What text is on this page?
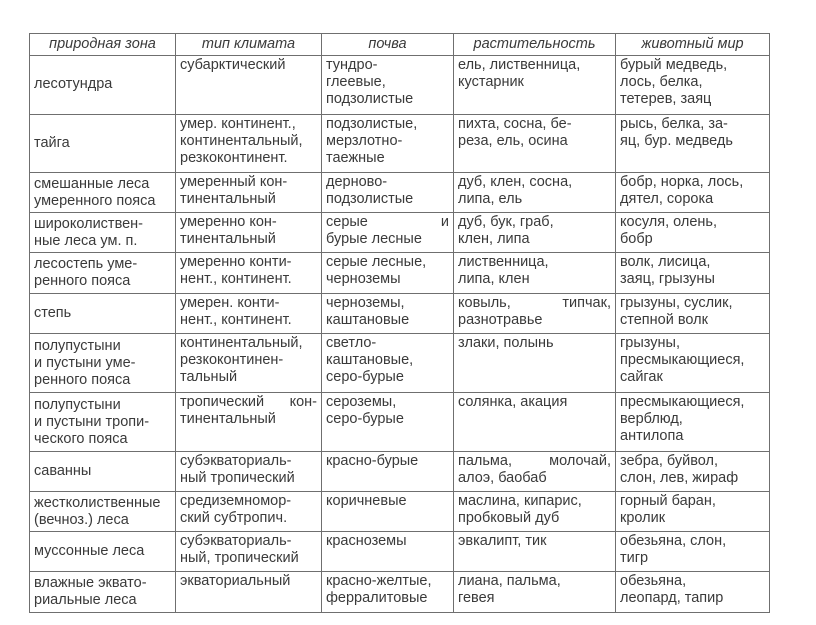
природная зона	тип климата	почва	растительность	животный мир

лесотундра	субарктический	тундро-
глеевые,
подзолистые	ель, лиственница,
кустарник	бурый медведь,
лось, белка,
тетерев, заяц

тайга	умер. континент.,
континентальный,
резкоконтинент.	подзолистые,
мерзлотно-
таежные	пихта, сосна, бе-
реза, ель, осина	рысь, белка, за-
яц, бур. медведь

смешанные леса
умеренного пояса	умеренный кон-
тинентальный	дерново-
подзолистые	дуб, клен, сосна,
липа, ель	бобр, норка, лось,
дятел, сорока

широколиствен-
ные леса ум. п.	умеренно кон-
тинентальный	серые и
бурые лесные	дуб, бук, граб,
клен, липа	косуля, олень,
бобр

лесостепь уме-
ренного пояса	умеренно конти-
нент., континент.	серые лесные,
черноземы	лиственница,
липа, клен	волк, лисица,
заяц, грызуны

степь	умерен. конти-
нент., континент.	черноземы,
каштановые	ковыль, типчак,
разнотравье	грызуны, суслик,
степной волк

полупустыни
и пустыни уме-
ренного пояса	континентальный,
резкоконтинен-
тальный	светло-
каштановые,
серо-бурые	злаки, полынь	грызуны,
пресмыкающиеся,
сайгак

полупустыни
и пустыни тропи-
ческого пояса	тропический кон-
тинентальный	сероземы,
серо-бурые	солянка, акация	пресмыкающиеся,
верблюд,
антилопа

саванны	субэкваториаль-
ный тропический	красно-бурые	пальма, молочай,
алоэ, баобаб	зебра, буйвол,
слон, лев, жираф

жестколиственные
(вечноз.) леса	средиземномор-
ский субтропич.	коричневые	маслина, кипарис,
пробковый дуб	горный баран,
кролик

муссонные леса	субэкваториаль-
ный, тропический	красноземы	эвкалипт, тик	обезьяна, слон,
тигр

влажные эквато-
риальные леса	экваториальный	красно-желтые,
ферралитовые	лиана, пальма,
гевея	обезьяна,
леопард, тапир
